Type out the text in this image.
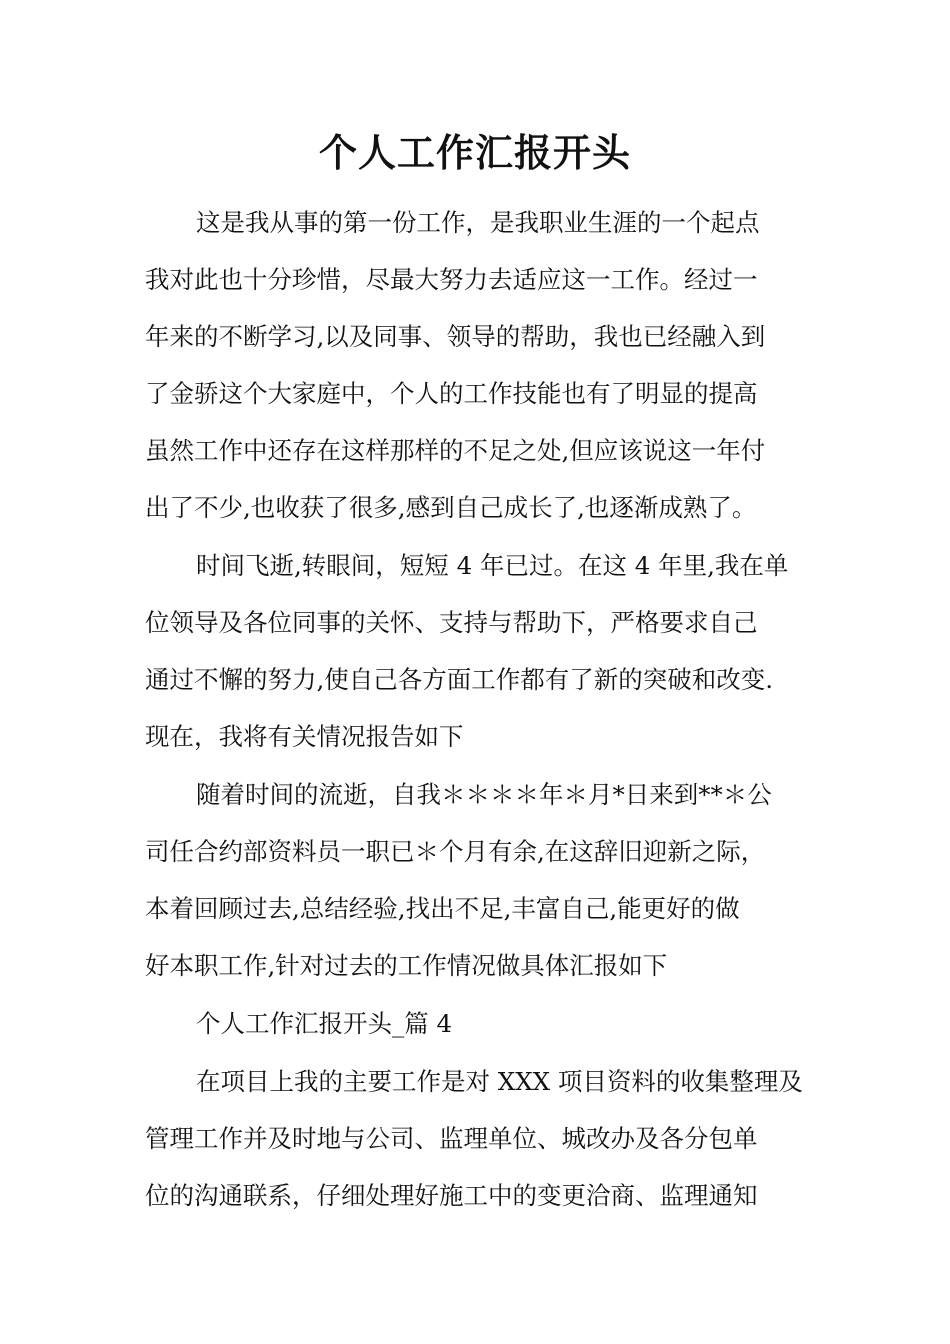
个人工作汇报开头
这是我从事的第一份工作，是我职业生涯的一个起点
我对此也十分珍惜，尽最大努力去适应这一工作。经过一
年来的不断学习,以及同事、领导的帮助，我也已经融入到
了金骄这个大家庭中，个人的工作技能也有了明显的提高
虽然工作中还存在这样那样的不足之处,但应该说这一年付
出了不少,也收获了很多,感到自己成长了,也逐渐成熟了。
时间飞逝,转眼间，短短 4 年已过。在这 4 年里,我在单
位领导及各位同事的关怀、支持与帮助下，严格要求自己
通过不懈的努力,使自己各方面工作都有了新的突破和改变.
现在，我将有关情况报告如下
随着时间的流逝，自我＊＊＊＊年＊月*日来到**＊公
司任合约部资料员一职已＊个月有余,在这辞旧迎新之际，
本着回顾过去,总结经验,找出不足,丰富自己,能更好的做
好本职工作,针对过去的工作情况做具体汇报如下
个人工作汇报开头_篇 4
在项目上我的主要工作是对 XXX 项目资料的收集整理及
管理工作并及时地与公司、监理单位、城改办及各分包单
位的沟通联系，仔细处理好施工中的变更洽商、监理通知
